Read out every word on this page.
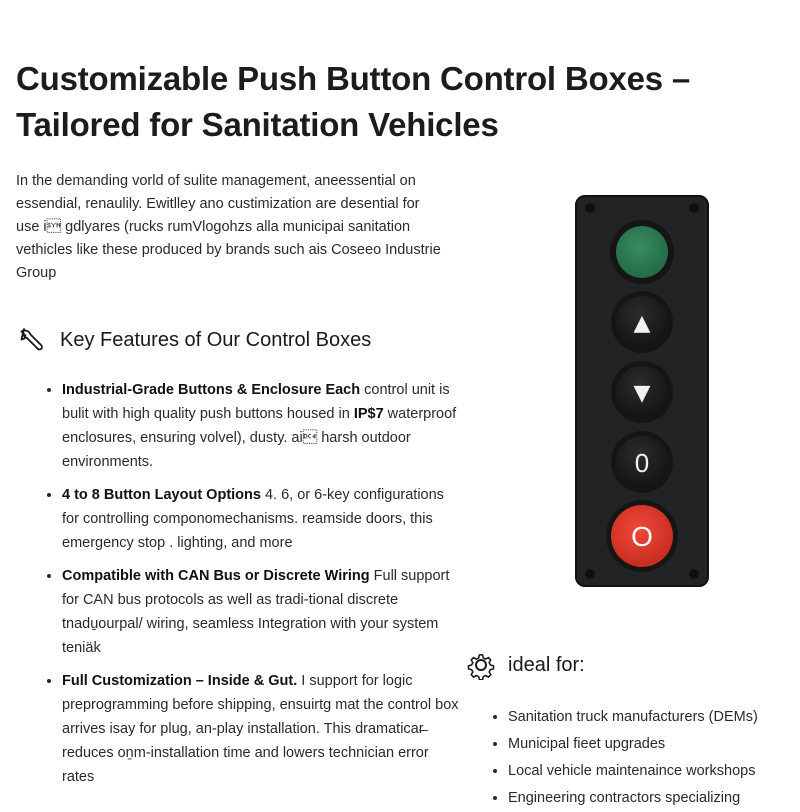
Customizable Push Button Control Boxes –
Tailored for Sanitation Vehicles

In the demanding vorld of sulite management, aneessential on essendial, renaulily. Ewitlley ano custimization are desential for use i gdlyares (rucks rumVlogohzs alla municipai sanitation vethicles like these produced by brands such ais Coseeo Industrie Group

Key Features of Our Control Boxes
• Industrial-Grade Buttons & Enclosure Each control unit is bulit with high quality push buttons housed in IP$7 waterproof enclosures, ensuring volvel), dusty. ai harsh outdoor environments.
• 4 to 8 Button Layout Options 4. 6, or 6-key configurations for controlling componomechanisms. reamside doors, this emergency stop . lighting, and more
• Compatible with CAN Bus or Discrete Wiring Full support for CAN bus protocols as well as tradi-tional discrete tnadu̱ourpal/ wiring, seamless Integration with your system teniäk
• Full Customization – Inside & Gut. I support for logic preprogramming before shipping, ensuirtg mat the control box arrives isay for plug, an-play installation. This dramaticar̶ reduces oṉm-installation time and lowers technician error rates
▲
▼
0
O
ideal for:
• Sanitation truck manufacturers (DEMs)
• Municipal fieet upgrades
• Local vehicle maintenaince workshops
• Engineering contractors specializing
